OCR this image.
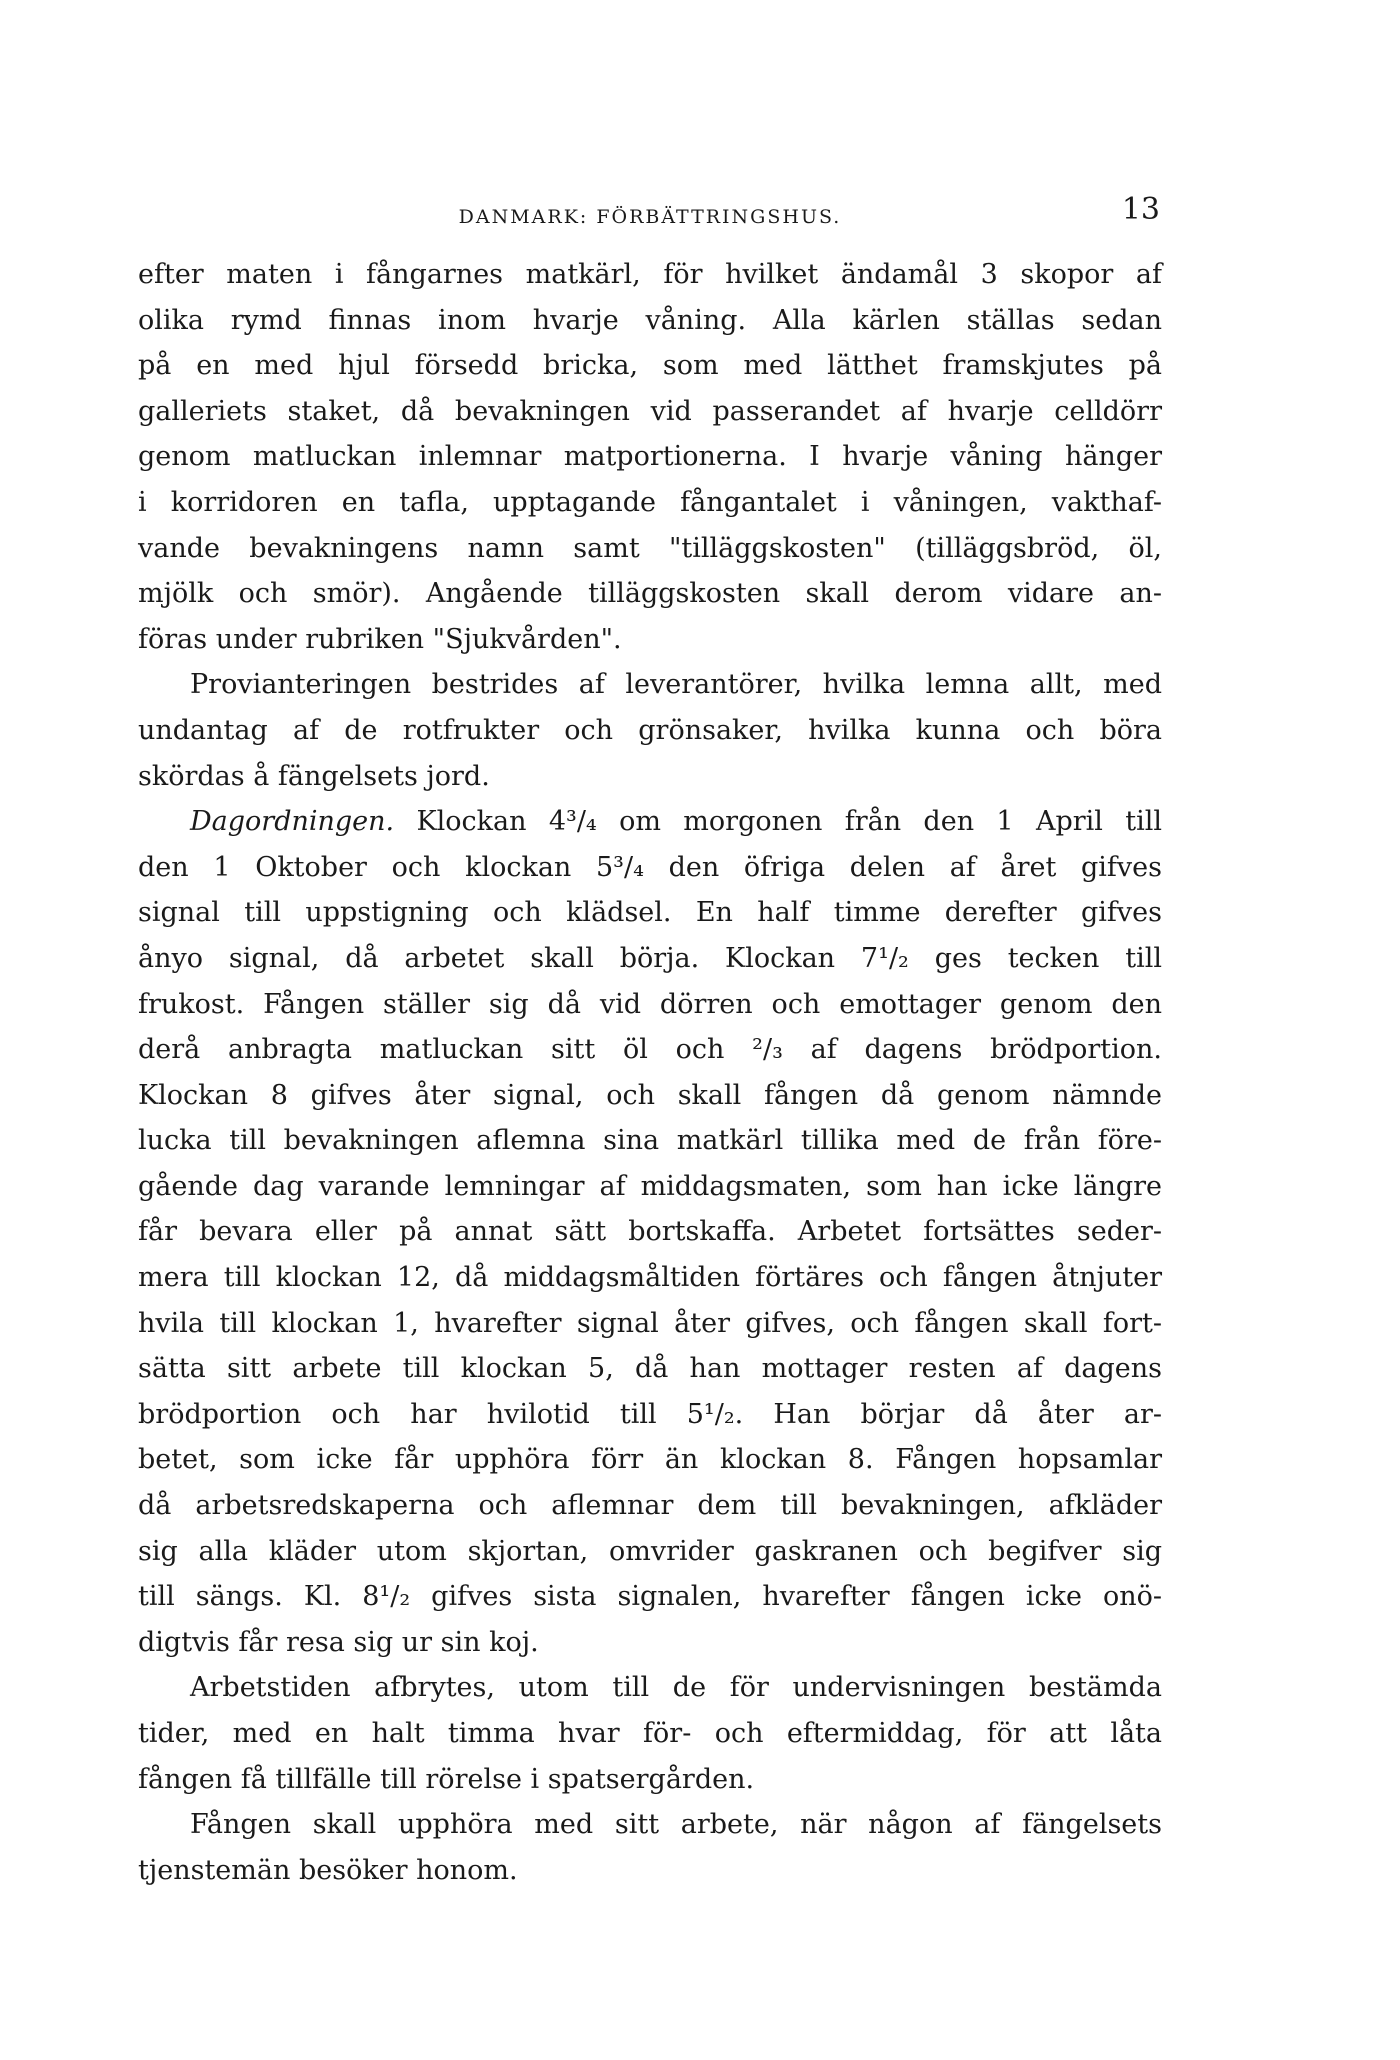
DANMARK: FÖRBÄTTRINGSHUS.	13
efter maten i fångarnes matkärl, för hvilket ändamål 3 skopor af
olika rymd finnas inom hvarje våning. Alla kärlen ställas sedan
på en med hjul försedd bricka, som med lätthet framskjutes på
galleriets staket, då bevakningen vid passerandet af hvarje celldörr
genom matluckan inlemnar matportionerna. I hvarje våning hänger
i korridoren en tafla, upptagande fångantalet i våningen, vakthaf-
vande bevakningens namn samt "tilläggskosten" (tilläggsbröd, öl,
mjölk och smör). Angående tilläggskosten skall derom vidare an-
föras under rubriken "Sjukvården".
Provianteringen bestrides af leverantörer, hvilka lemna allt, med
undantag af de rotfrukter och grönsaker, hvilka kunna och böra
skördas å fängelsets jord.
Dagordningen. Klockan 4³/₄ om morgonen från den 1 April till
den 1 Oktober och klockan 5³/₄ den öfriga delen af året gifves
signal till uppstigning och klädsel. En half timme derefter gifves
ånyo signal, då arbetet skall börja. Klockan 7¹/₂ ges tecken till
frukost. Fången ställer sig då vid dörren och emottager genom den
derå anbragta matluckan sitt öl och ²/₃ af dagens brödportion.
Klockan 8 gifves åter signal, och skall fången då genom nämnde
lucka till bevakningen aflemna sina matkärl tillika med de från före-
gående dag varande lemningar af middagsmaten, som han icke längre
får bevara eller på annat sätt bortskaffa. Arbetet fortsättes seder-
mera till klockan 12, då middagsmåltiden förtäres och fången åtnjuter
hvila till klockan 1, hvarefter signal åter gifves, och fången skall fort-
sätta sitt arbete till klockan 5, då han mottager resten af dagens
brödportion och har hvilotid till 5¹/₂. Han börjar då åter ar-
betet, som icke får upphöra förr än klockan 8. Fången hopsamlar
då arbetsredskaperna och aflemnar dem till bevakningen, afkläder
sig alla kläder utom skjortan, omvrider gaskranen och begifver sig
till sängs. Kl. 8¹/₂ gifves sista signalen, hvarefter fången icke onö-
digtvis får resa sig ur sin koj.
Arbetstiden afbrytes, utom till de för undervisningen bestämda
tider, med en halt timma hvar för- och eftermiddag, för att låta
fången få tillfälle till rörelse i spatsergården.
Fången skall upphöra med sitt arbete, när någon af fängelsets
tjenstemän besöker honom.
